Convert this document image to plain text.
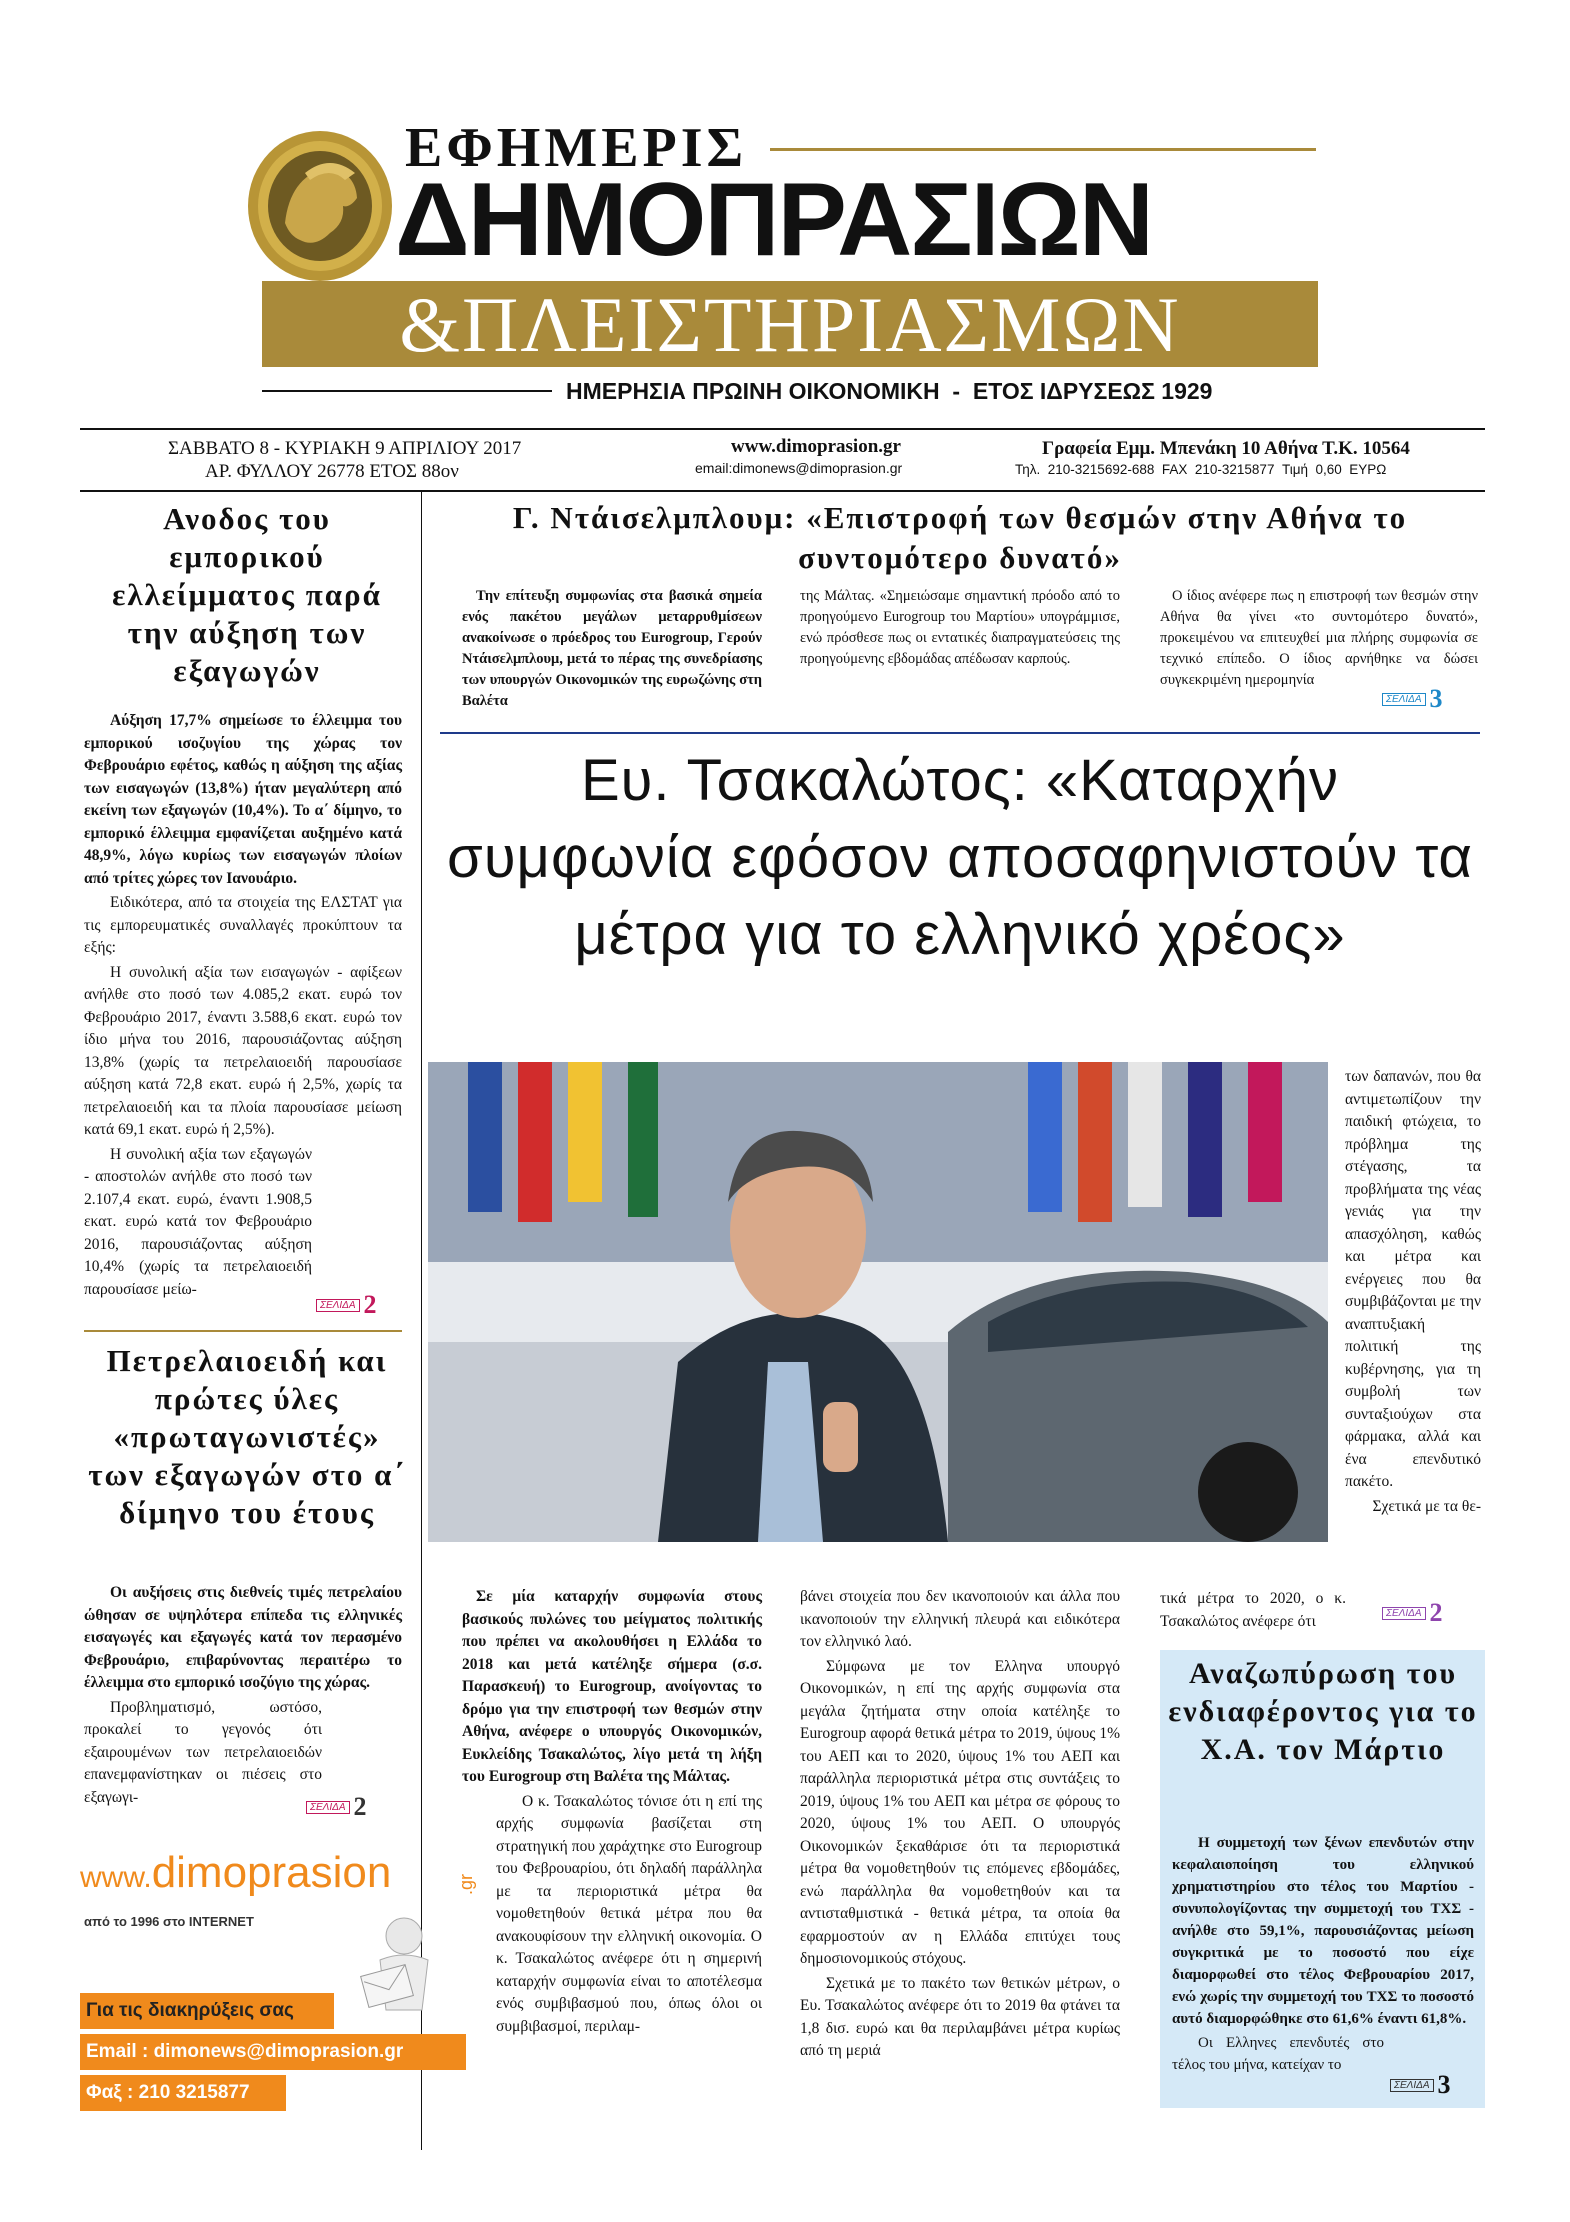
ΕΦΗΜΕΡΙΣ
ΔΗΜΟΠΡΑΣΙΩΝ
&ΠΛΕΙΣΤΗΡΙΑΣΜΩΝ
ΗΜΕΡΗΣΙΑ ΠΡΩΙΝΗ ΟΙΚΟΝΟΜΙΚΗ  -  ΕΤΟΣ ΙΔΡΥΣΕΩΣ 1929
ΣΑΒΒΑΤΟ 8 - ΚΥΡΙΑΚΗ 9 ΑΠΡΙΛΙΟΥ 2017
ΑΡ. ΦΥΛΛΟΥ 26778 ΕΤΟΣ 88ον
www.dimoprasion.gr
email:dimonews@dimoprasion.gr
Γραφεία Εμμ. Μπενάκη 10 Αθήνα Τ.Κ. 10564
Τηλ.  210-3215692-688  FAX  210-3215877  Τιμή  0,60  ΕΥΡΩ
Ανοδος του εμπορικού ελλείμματος παρά την αύξηση των εξαγωγών

Αύξηση 17,7% σημείωσε το έλλειμμα του εμπορικού ισοζυγίου της χώρας τον Φεβρουάριο εφέτος, καθώς η αύξηση της αξίας των εισαγωγών (13,8%) ήταν μεγαλύτερη από εκείνη των εξαγωγών (10,4%). Το α΄ δίμηνο, το εμπορικό έλλειμμα εμφανίζεται αυξημένο κατά 48,9%, λόγω κυρίως των εισαγωγών πλοίων από τρίτες χώρες τον Ιανουάριο.

Ειδικότερα, από τα στοιχεία της ΕΛΣΤΑΤ για τις εμπορευματικές συναλλαγές προκύπτουν τα εξής:

Η συνολική αξία των εισαγωγών - αφίξεων ανήλθε στο ποσό των 4.085,2 εκατ. ευρώ τον Φεβρουάριο 2017, έναντι 3.588,6 εκατ. ευρώ τον ίδιο μήνα του 2016, παρουσιάζοντας αύξηση 13,8% (χωρίς τα πετρελαιοειδή παρουσίασε αύξηση κατά 72,8 εκατ. ευρώ ή 2,5%, χωρίς τα πετρελαιοειδή και τα πλοία παρουσίασε μείωση κατά 69,1 εκατ. ευρώ ή 2,5%).

Η συνολική αξία των εξαγωγών - αποστολών ανήλθε στο ποσό των 2.107,4 εκατ. ευρώ, έναντι 1.908,5 εκατ. ευρώ κατά τον Φεβρουάριο 2016, παρουσιάζοντας αύξηση 10,4% (χωρίς τα πετρελαιοειδή παρουσίασε μείω-

ΣΕΛΙΔΑ 2
Πετρελαιοειδή και πρώτες ύλες «πρωταγωνιστές» των εξαγωγών στο α΄ δίμηνο του έτους

Οι αυξήσεις στις διεθνείς τιμές πετρελαίου ώθησαν σε υψηλότερα επίπεδα τις ελληνικές εισαγωγές και εξαγωγές κατά τον περασμένο Φεβρουάριο, επιβαρύνοντας περαιτέρω το έλλειμμα στο εμπορικό ισοζύγιο της χώρας.

Προβληματισμό, ωστόσο, προκαλεί το γεγονός ότι εξαιρουμένων των πετρελαιοειδών επανεμφανίστηκαν οι πιέσεις στο εξαγωγι-

ΣΕΛΙΔΑ 2
www.dimoprasion	.gr
από το 1996 στο INTERNET
Για τις διακηρύξεις σας
Email : dimonews@dimoprasion.gr
Φαξ : 210 3215877
Γ. Ντάισελμπλουμ: «Επιστροφή των θεσμών στην Αθήνα το συντομότερο δυνατό»

Την επίτευξη συμφωνίας στα βασικά σημεία ενός πακέτου μεγάλων μεταρρυθμίσεων ανακοίνωσε ο πρόεδρος του Eurogroup, Γερούν Ντάισελμπλουμ, μετά το πέρας της συνεδρίασης των υπουργών Οικονομικών της ευρωζώνης στη Βαλέτα

της Μάλτας. «Σημειώσαμε σημαντική πρόοδο από το προηγούμενο Eurogroup του Μαρτίου» υπογράμμισε, ενώ πρόσθεσε πως οι εντατικές διαπραγματεύσεις της προηγούμενης εβδομάδας απέδωσαν καρπούς.

Ο ίδιος ανέφερε πως η επιστροφή των θεσμών στην Αθήνα θα γίνει «το συντομότερο δυνατό», προκειμένου να επιτευχθεί μια πλήρης συμφωνία σε τεχνικό επίπεδο. Ο ίδιος αρνήθηκε να δώσει συγκεκριμένη ημερομηνία

ΣΕΛΙΔΑ 3
Ευ. Τσακαλώτος: «Καταρχήν συμφωνία εφόσον αποσαφηνιστούν τα μέτρα για το ελληνικό χρέος»

των δαπανών, που θα αντιμετωπίζουν την παιδική φτώχεια, το πρόβλημα της στέγασης, τα προβλήματα της νέας γενιάς για την απασχόληση, καθώς και μέτρα και ενέργειες που θα συμβιβάζονται με την αναπτυξιακή πολιτική της κυβέρνησης, για τη συμβολή των συνταξιούχων στα φάρμακα, αλλά και ένα επενδυτικό πακέτο.

Σχετικά με τα θε-

τικά μέτρα το 2020, ο κ. Τσακαλώτος ανέφερε ότι	ΣΕΛΙΔΑ 2

Σε μία καταρχήν συμφωνία στους βασικούς πυλώνες του μείγματος πολιτικής που πρέπει να ακολουθήσει η Ελλάδα το 2018 και μετά κατέληξε σήμερα (σ.σ. Παρασκευή) το Eurogroup, ανοίγοντας το δρόμο για την επιστροφή των θεσμών στην Αθήνα, ανέφερε ο υπουργός Οικονομικών, Ευκλείδης Τσακαλώτος, λίγο μετά τη λήξη του Eurogroup στη Βαλέτα της Μάλτας.

Ο κ. Τσακαλώτος τόνισε ότι η επί της αρχής συμφωνία βασίζεται στη στρατηγική που χαράχτηκε στο Eurogroup του Φεβρουαρίου, ότι δηλαδή παράλληλα με τα περιοριστικά μέτρα θα νομοθετηθούν θετικά μέτρα που θα ανακουφίσουν την ελληνική οικονομία. Ο κ. Τσακαλώτος ανέφερε ότι η σημερινή καταρχήν συμφωνία είναι το αποτέλεσμα ενός συμβιβασμού που, όπως όλοι οι συμβιβασμοί, περιλαμ-

βάνει στοιχεία που δεν ικανοποιούν και άλλα που ικανοποιούν την ελληνική πλευρά και ειδικότερα τον ελληνικό λαό.

Σύμφωνα με τον Ελληνα υπουργό Οικονομικών, η επί της αρχής συμφωνία στα μεγάλα ζητήματα στην οποία κατέληξε το Eurogroup αφορά θετικά μέτρα το 2019, ύψους 1% του ΑΕΠ και το 2020, ύψους 1% του ΑΕΠ και παράλληλα περιοριστικά μέτρα στις συντάξεις το 2019, ύψους 1% του ΑΕΠ και μέτρα σε φόρους το 2020, ύψους 1% του ΑΕΠ. Ο υπουργός Οικονομικών ξεκαθάρισε ότι τα περιοριστικά μέτρα θα νομοθετηθούν τις επόμενες εβδομάδες, ενώ παράλληλα θα νομοθετηθούν και τα αντισταθμιστικά - θετικά μέτρα, τα οποία θα εφαρμοστούν αν η Ελλάδα επιτύχει τους δημοσιονομικούς στόχους.

Σχετικά με το πακέτο των θετικών μέτρων, ο Ευ. Τσακαλώτος ανέφερε ότι το 2019 θα φτάνει τα 1,8 δισ. ευρώ και θα περιλαμβάνει μέτρα κυρίως από τη μεριά

Αναζωπύρωση του ενδιαφέροντος για το Χ.Α. τον Μάρτιο

Η συμμετοχή των ξένων επενδυτών στην κεφαλαιοποίηση του ελληνικού χρηματιστηρίου στο τέλος του Μαρτίου - συνυπολογίζοντας την συμμετοχή του ΤΧΣ - ανήλθε στο 59,1%, παρουσιάζοντας μείωση συγκριτικά με το ποσοστό που είχε διαμορφωθεί στο τέλος Φεβρουαρίου 2017, ενώ χωρίς την συμμετοχή του ΤΧΣ το ποσοστό αυτό διαμορφώθηκε στο 61,6% έναντι 61,8%.

Οι Ελληνες επενδυτές στο τέλος του μήνα, κατείχαν το

ΣΕΛΙΔΑ 3
